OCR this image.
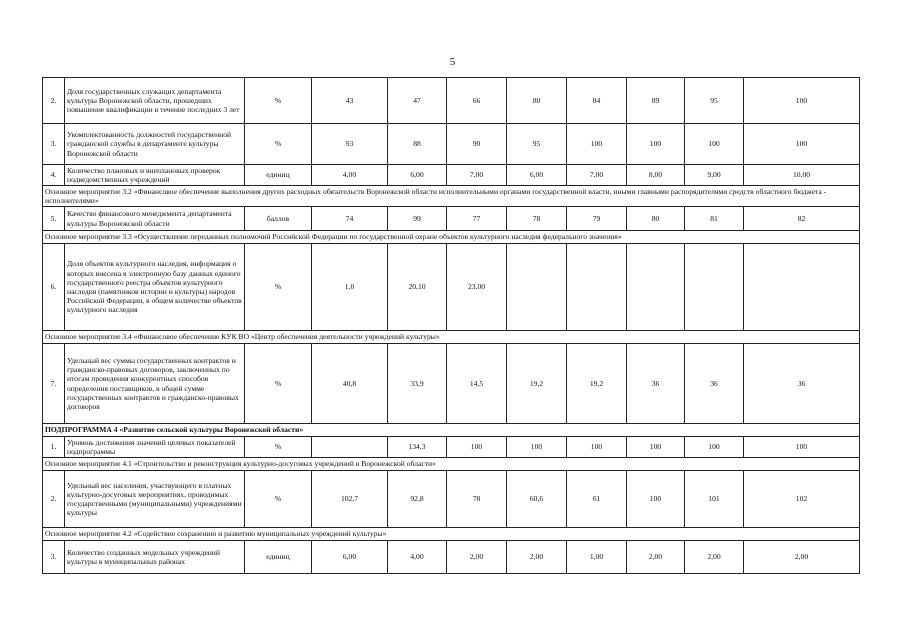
5
2.	Доля государственных служащих департамента культуры Воронежской области, прошедших повышение квалификации в течение последних 3 лет	%	43	47	66	80	84	89	95	100
3.	Укомплектованность должностей государственной гражданской службы в департаменте культуры Воронежской области	%	93	88	90	95	100	100	100	100
4.	Количество плановых и внеплановых проверок подведомственных учреждений	единиц	4,00	6,00	7,00	6,00	7,00	8,00	9,00	10,00
Основное мероприятие 3.2 «Финансовое обеспечение выполнения других расходных обязательств Воронежской области исполнительными органами государственной власти, иными главными распорядителями средств областного бюджета - исполнителями»										
5.	Качество финансового менеджмента департамента культуры Воронежской области	баллов	74	99	77	78	79	80	81	82
Основное мероприятие 3.3 «Осуществление переданных полномочий Российской Федерации по государственной охране объектов культурного наследия федерального значения»										
6.	Доля объектов культурного наследия, информация о которых внесена в электронную базу данных единого государственного реестра объектов культурного наследия (памятников истории и культуры) народов Российской Федерации, в общем количестве объектов культурного наследия	%	1,0	20,10	23,00					
Основное мероприятие 3.4 «Финансовое обеспечение КУК ВО «Центр обеспечения деятельности учреждений культуры»										
7.	Удельный вес суммы государственных контрактов и гражданско-правовых договоров, заключенных по итогам проведения конкурентных способов определения поставщиков, в общей сумме государственных контрактов и гражданско-правовых договоров	%	40,8	33,9	14,5	19,2	19,2	36	36	36
ПОДПРОГРАММА 4 «Развитие сельской культуры Воронежской области»										
1.	Уровень достижения значений целевых показателей подпрограммы	%		134,3	100	100	100	100	100	100
Основное мероприятие 4.1 «Строительство и реконструкция культурно-досуговых учреждений в Воронежской области»										
2.	Удельный вес населения, участвующего в платных культурно-досуговых мероприятиях, проводимых государственными (муниципальными) учреждениями культуры	%	102,7	92,8	78	60,6	61	100	101	102
Основное мероприятие 4.2 «Содействие сохранению и развитию муниципальных учреждений культуры»										
3.	Количество созданных модельных учреждений культуры в муниципальных районах	единиц	6,00	4,00	2,00	2,00	1,00	2,00	2,00	2,00
